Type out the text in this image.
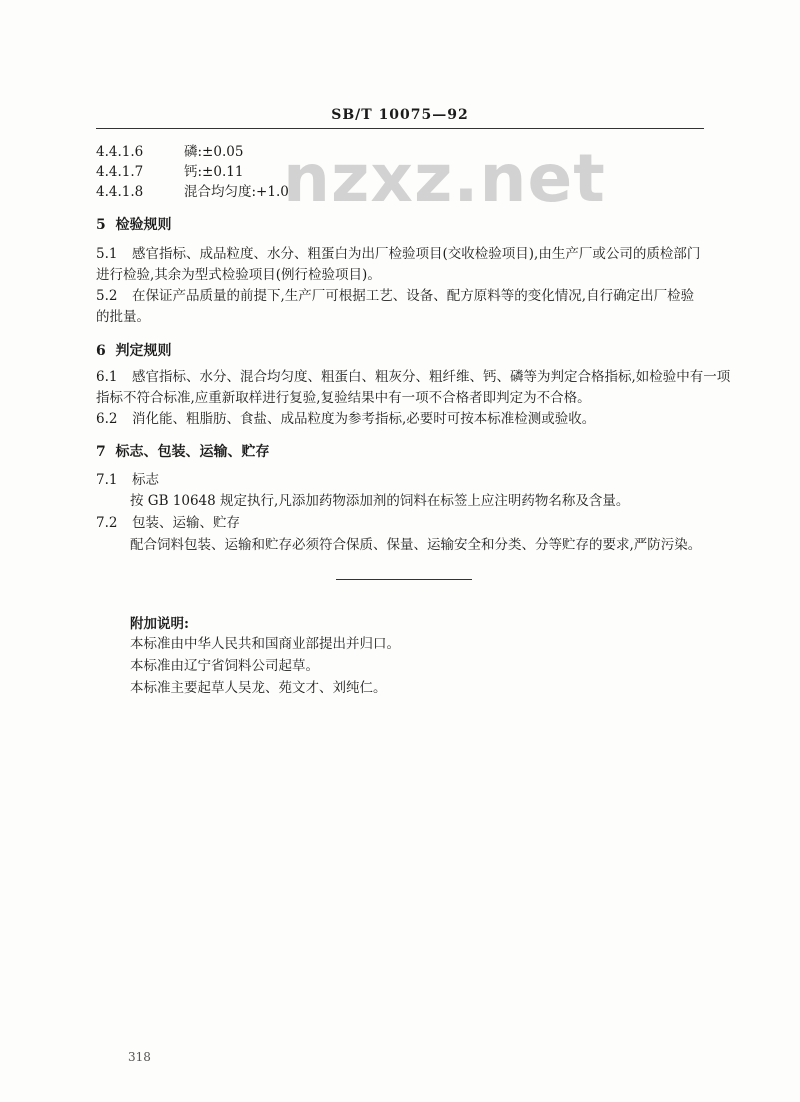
SB/T 10075—92
nzxz.net
4.4.1.6	磷:±0.05
4.4.1.7	钙:±0.11
4.4.1.8	混合均匀度:+1.0
5  检验规则
5.1 感官指标、成品粒度、水分、粗蛋白为出厂检验项目(交收检验项目),由生产厂或公司的质检部门
进行检验,其余为型式检验项目(例行检验项目)。
5.2 在保证产品质量的前提下,生产厂可根据工艺、设备、配方原料等的变化情况,自行确定出厂检验
的批量。
6  判定规则
6.1 感官指标、水分、混合均匀度、粗蛋白、粗灰分、粗纤维、钙、磷等为判定合格指标,如检验中有一项
指标不符合标准,应重新取样进行复验,复验结果中有一项不合格者即判定为不合格。
6.2 消化能、粗脂肪、食盐、成品粒度为参考指标,必要时可按本标准检测或验收。
7  标志、包装、运输、贮存
7.1 标志
按 GB 10648 规定执行,凡添加药物添加剂的饲料在标签上应注明药物名称及含量。
7.2 包装、运输、贮存
配合饲料包装、运输和贮存必须符合保质、保量、运输安全和分类、分等贮存的要求,严防污染。
附加说明:
本标准由中华人民共和国商业部提出并归口。
本标准由辽宁省饲料公司起草。
本标准主要起草人吴龙、苑文才、刘纯仁。
318
